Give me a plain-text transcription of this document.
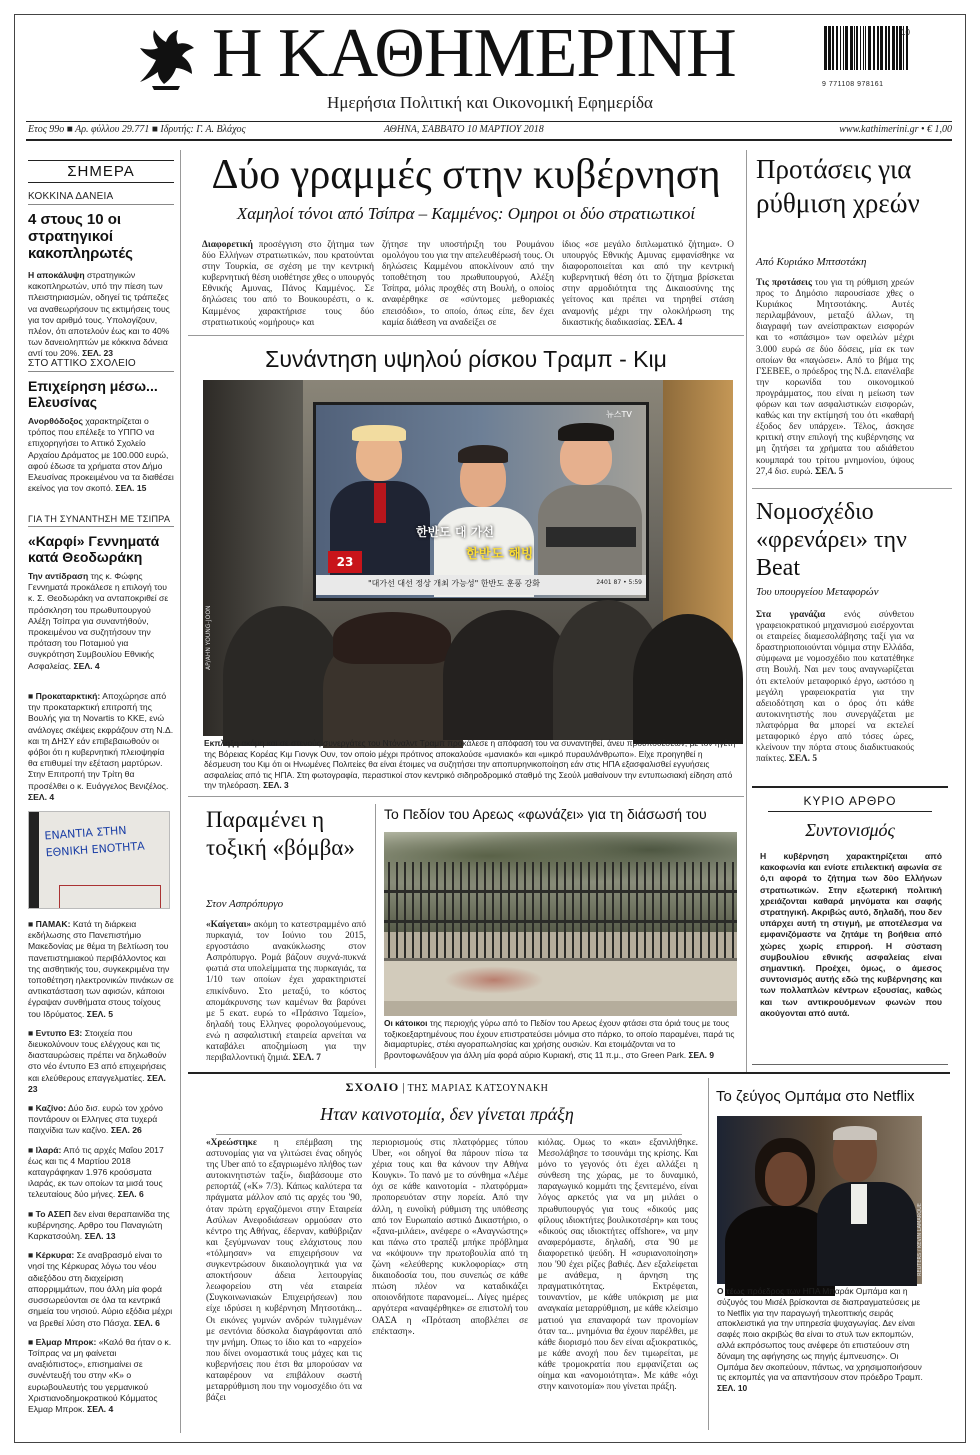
Η ΚΑΘΗΜΕΡΙΝΗ
Ημερήσια Πολιτική και Οικονομική Εφημερίδα
9 771108 978161
10
Ετος 99ο ■ Αρ. φύλλου 29.771 ■ Ιδρυτής: Γ. Α. Βλάχος	ΑΘΗΝΑ, ΣΑΒΒΑΤΟ 10 ΜΑΡΤΙΟΥ 2018	www.kathimerini.gr • € 1,00
ΣΗΜΕΡΑ
ΚΟΚΚΙΝΑ ΔΑΝΕΙΑ
4 στους 10 οι στρατηγικοί κακοπληρωτές
Η αποκάλυψη στρατηγικών κακοπληρωτών, υπό την πίεση των πλειστηριασμών, οδηγεί τις τράπεζες να αναθεωρήσουν τις εκτιμήσεις τους για τον αριθμό τους. Υπολογίζουν, πλέον, ότι αποτελούν έως και το 40% των δανειοληπτών με κόκκινα δάνεια αντί του 20%. ΣΕΛ. 23
ΣΤΟ ΑΤΤΙΚΟ ΣΧΟΛΕΙΟ
Επιχείρηση μέσω... Ελευσίνας
Ανορθόδοξος χαρακτηρίζεται ο τρόπος που επέλεξε το ΥΠΠΟ να επιχορηγήσει το Αττικό Σχολείο Αρχαίου Δράματος με 100.000 ευρώ, αφού έδωσε τα χρήματα στον Δήμο Ελευσίνας προκειμένου να τα διαθέσει εκείνος για τον σκοπό. ΣΕΛ. 15
ΓΙΑ ΤΗ ΣΥΝΑΝΤΗΣΗ ΜΕ ΤΣΙΠΡΑ
«Καρφί» Γεννηματά κατά Θεοδωράκη
Την αντίδραση της κ. Φώφης Γεννηματά προκάλεσε η επιλογή του κ. Σ. Θεοδωράκη να ανταποκριθεί σε πρόσκληση του πρωθυπουργού Αλέξη Τσίπρα για συναντήθούν, προκειμένου να συζητήσουν την πρόταση του Ποταμιού για συγκρότηση Συμβουλίου Εθνικής Ασφαλείας. ΣΕΛ. 4
■ Προκαταρκτική: Αποχώρησε από την προκαταρκτική επιτροπή της Βουλής για τη Novartis το ΚΚΕ, ενώ ανάλογες σκέψεις εκφράζουν στη Ν.Δ. και τη ΔΗΣΥ εάν επιβεβαιωθούν οι φόβοι ότι η κυβερνητική πλειοψηφία θα επιθυμεί την εξέταση μαρτύρων. Στην Επιτροπή την Τρίτη θα προσέλθει ο κ. Ευάγγελος Βενιζέλος. ΣΕΛ. 4
ΕΝΑΝΤΙΑ ΣΤΗΝ
ΕΘΝΙΚΗ ΕΝΟΤΗΤΑ
■ ΠΑΜΑΚ: Κατά τη διάρκεια εκδήλωσης στο Πανεπιστήμιο Μακεδονίας με θέμα τη βελτίωση του πανεπιστημιακού περιβάλλοντος και της αισθητικής του, συγκεκριμένα την τοποθέτηση ηλεκτρονικών πινάκων σε αντικατάσταση των αφισών, κάποιοι έγραψαν συνθήματα στους τοίχους του Ιδρύματος. ΣΕΛ. 5
■ Εντυπο Ε3: Στοιχεία που διευκολύνουν τους ελέγχους και τις διασταυρώσεις πρέπει να δηλωθούν στο νέο έντυπο Ε3 από επιχειρήσεις και ελεύθερους επαγγελματίες. ΣΕΛ. 23
■ Καζίνο: Δύο δισ. ευρώ τον χρόνο ποντάρουν οι Ελληνες στα τυχερά παιχνίδια των καζίνο. ΣΕΛ. 26
■ Ιλαρά: Από τις αρχές Μαΐου 2017 έως και τις 4 Μαρτίου 2018 καταγράφηκαν 1.976 κρούσματα ιλαράς, εκ των οποίων τα μισά τους τελευταίους δύο μήνες. ΣΕΛ. 6
■ Το ΑΣΕΠ δεν είναι θεραπαινίδα της κυβέρνησης. Αρθρο του Παναγιώτη Καρκατσούλη. ΣΕΛ. 13
■ Κέρκυρα: Σε αναβρασμό είναι το νησί της Κέρκυρας λόγω του νέου αδιεξόδου στη διαχείριση απορριμμάτων, που άλλη μία φορά συσσωρεύονται σε όλα τα κεντρικά σημεία του νησιού. Αύριο εξόδια μέχρι να βρεθεί λύση στο Πάσχα. ΣΕΛ. 6
■ Ελμαρ Μπροκ: «Καλό θα ήταν ο κ. Τσίπρας να μη φαίνεται αναξιόπιστος», επισημαίνει σε συνέντευξή του στην «Κ» ο ευρωβουλευτής του γερμανικού Χριστιανοδημοκρατικού Κόμματος Ελμαρ Μπροκ. ΣΕΛ. 4
Δύο γραμμές στην κυβέρνηση
Χαμηλοί τόνοι από Τσίπρα – Καμμένος: Ομηροι οι δύο στρατιωτικοί
Διαφορετική προσέγγιση στο ζήτημα των δύο Ελλήνων στρατιωτικών, που κρατούνται στην Τουρκία, σε σχέση με την κεντρική κυβερνητική θέση υιοθέτησε χθες ο υπουργός Εθνικής Αμυνας, Πάνος Καμμένος. Σε δηλώσεις του από το Βουκουρέστι, ο κ. Καμμένος χαρακτήρισε τους δύο στρατιωτικούς «ομήρους» και
ζήτησε την υποστήριξη του Ρουμάνου ομολόγου του για την απελευθέρωσή τους. Οι δηλώσεις Καμμένου αποκλίνουν από την τοποθέτηση του πρωθυπουργού, Αλέξη Τσίπρα, μόλις προχθές στη Βουλή, ο οποίος αναφέρθηκε σε «σύντομες μεθοριακές επεισόδιο», το οποίο, όπως είπε, δεν έχει καμία διάθεση να αναδείξει σε
ίδιος «σε μεγάλο διπλωματικό ζήτημα». Ο υπουργός Εθνικής Αμυνας εμφανίσθηκε να διαφοροποιείται και από την κεντρική κυβερνητική θέση ότι το ζήτημα βρίσκεται στην αρμοδιότητα της Δικαιοσύνης της γείτονος και πρέπει να τηρηθεί στάση αναμονής μέχρι την ολοκλήρωση της δικαστικής διαδικασίας. ΣΕΛ. 4
Συνάντηση υψηλού ρίσκου Τραμπ - Κιμ
뉴스TV
한반도 대 가선
한반도 해빙
23
"대가선 대선 정상 개최 가능성" 한반도 훈풍 강화	2401 87 • 5:59
AP/AHN YOUNG-JOON
Εκπληξη ακόμη και σε στενούς συνεργάτες του Ντόναλντ Τραμπ προκάλεσε η απόφασή του να συναντηθεί, άνευ προϋποθέσεων, με τον ηγέτη της Βόρειας Κορέας Κιμ Γιονγκ Ουν, τον οποίο μέχρι πρότινος αποκαλούσε «μανιακό» και «μικρό πυραυλάνθρωπο». Είχε προηγηθεί η δέσμευση του Κιμ ότι οι Ηνωμένες Πολιτείες θα είναι έτοιμες να συζητήσει την αποπυρηνικοποίηση εάν στις ΗΠΑ εξασφαλισθεί εγγυήσεις ασφαλείας από τις ΗΠΑ. Στη φωτογραφία, περαστικοί στον κεντρικό σιδηροδρομικό σταθμό της Σεούλ μαθαίνουν την εντυπωσιακή είδηση από την τηλεόραση. ΣΕΛ. 3
Προτάσεις για ρύθμιση χρεών
Από Κυριάκο Μπτσοτάκη
Τις προτάσεις του για τη ρύθμιση χρεών προς το Δημόσιο παρουσίασε χθες ο Κυριάκος Μητσοτάκης. Αυτές περιλαμβάνουν, μεταξύ άλλων, τη διαγραφή των ανείσπρακτων εισφορών και το «σπάσιμο» των οφειλών μέχρι 3.000 ευρώ σε δύο δόσεις, μία εκ των οποίων θα «παγώσει». Από το βήμα της ΓΣΕΒΕΕ, ο πρόεδρος της Ν.Δ. επανέλαβε την κορωνίδα του οικονομικού προγράμματος, που είναι η μείωση των φόρων και των ασφαλιστικών εισφορών, καθώς και την εκτίμησή του ότι «καθαρή έξοδος δεν υπάρχει». Τέλος, άσκησε κριτική στην επιλογή της κυβέρνησης να μη ζητήσει τα χρήματα του αδιάθετου κουμπαρά του τρίτου μνημονίου, ύψους 27,4 δισ. ευρώ. ΣΕΛ. 5
Νομοσχέδιο «φρενάρει» την Beat
Του υπουργείου Μεταφορών
Στα γρανάζια ενός σύνθετου γραφειοκρατικού μηχανισμού εισέρχονται οι εταιρείες διαμεσολάβησης ταξί για να δραστηριοποιούνται νόμιμα στην Ελλάδα, σύμφωνα με νομοσχέδιο που κατατέθηκε στη Βουλή. Ναι μεν τους αναγνωρίζεται ότι εκτελούν μεταφορικό έργο, ωστόσο η μεγάλη γραφειοκρατία για την αδειοδότηση και ο όρος ότι κάθε αυτοκινητιστής που συνεργάζεται με πλατφόρμα θα μπορεί να εκτελεί μεταφορικό έργο από τόσες ώρες, κλείνουν την πόρτα στους διαδικτυακούς παίκτες. ΣΕΛ. 5
ΚΥΡΙΟ ΑΡΘΡΟ
Συντονισμός
Η κυβέρνηση χαρακτηρίζεται από κακοφωνία και ενίοτε επιλεκτική αφωνία σε ό,τι αφορά το ζήτημα των δύο Ελλήνων στρατιωτικών. Στην εξωτερική πολιτική χρειάζονται καθαρά μηνύματα και σαφής στρατηγική. Ακριβώς αυτό, δηλαδή, που δεν υπάρχει αυτή τη στιγμή, με αποτέλεσμα να εμφανιζόμαστε να ζητάμε τη βοήθεια από χώρες χωρίς επιρροή. Η σύσταση συμβουλίου εθνικής ασφαλείας είναι σημαντική. Προέχει, όμως, ο άμεσος συντονισμός αυτής εδώ της κυβέρνησης και των πολλαπλών κέντρων εξουσίας, καθώς και των αντικρουόμενων φωνών που ακούγονται από αυτά.
Παραμένει η τοξική «βόμβα»
Στον Ασπρόπυργο
«Καίγεται» ακόμη το κατεστραμμένο από πυρκαγιά, τον Ιούνιο του 2015, εργοστάσιο ανακύκλωσης στον Ασπρόπυργο. Ρομά βάζουν συχνά-πυκνά φωτιά στα υπολείμματα της πυρκαγιάς, τα 1/10 των οποίων έχει χαρακτηριστεί επικίνδυνο. Στο μεταξύ, το κόστος απομάκρυνσης των καμένων θα βαρύνει με 5 εκατ. ευρώ το «Πράσινο Ταμείο», δηλαδή τους Ελληνες φορολογούμενους, ενώ η ασφαλιστική εταιρεία αρνείται να καταβάλει αποζημίωση για την περιβαλλοντική ζημιά. ΣΕΛ. 7
Το Πεδίον του Αρεως «φωνάζει» για τη διάσωσή του
Οι κάτοικοι της περιοχής γύρω από το Πεδίον του Αρεως έχουν φτάσει στα όριά τους με τους τοξικοεξαρτημένους που έχουν επιστρατεύσει μόνιμα στο πάρκο, το οποίο παραμένει, παρά τις διαμαρτυρίες, στέκι αγοραπωλησίας και χρήσης ουσιών. Και ετοιμάζονται να το βροντοφωνάξουν για άλλη μία φορά αύριο Κυριακή, στις 11 π.μ., στο Green Park. ΣΕΛ. 9
ΣΧΟΛΙΟ | ΤΗΣ ΜΑΡΙΑΣ ΚΑΤΣΟΥΝΑΚΗ
Ηταν καινοτομία, δεν γίνεται πράξη
«Χρεώστηκε η επέμβαση της αστυνομίας για να γλιτώσει ένας οδηγός της Uber από το εξαγριωμένο πλήθος των αυτοκινητιστών ταξί», διαβάσουμε στο ρεπορτάζ («Κ» 7/3). Κάπως καλύτερα τα πράγματα μάλλον από τις αρχές του '90, όταν πρώτη εργαζόμενοι στην Εταιρεία Ασύλων Ανεφοδιάσεων ορμούσαν στο κέντρο της Αθήνας, έδερναν, καθύβριζαν και ξεγύμνωναν τους ελάχιστους που «τόλμησαν» να επιχειρήσουν να συγκεντρώσουν δικαιολογητικά για να αποκτήσουν άδεια λειτουργίας λεωφορείου στη νέα εταιρεία (Συγκοινωνιακών Επιχειρήσεων) που είχε ιδρύσει η κυβέρνηση Μητσοτάκη... Οι εικόνες γυμνών ανδρών τυλιγμένων με σεντόνια δύσκολα διαγράφονται από την μνήμη. Οπως το ίδιο και το «αρχείο» που δίνει ονομαστικά τους μάχες και τις κυβερνήσεις που έτσι θα μπορούσαν να καταφέρουν να επιβάλουν σωστή μεταρρύθμιση που την νομοσχέδιο ότι να βάζει
περιορισμούς στις πλατφόρμες τύπου Uber, «οι οδηγοί θα πάρουν πίσω τα χέρια τους και θα κάνουν την Αθήνα Κουγκι». Το πανό με το σύνθημα «Λέμε όχι σε κάθε καινοτομία - πλατφόρμα» προπορευόταν στην πορεία. Από την άλλη, η ευνοϊκή ρύθμιση της υπόθεσης από τον Ευρωπαίο αστικό Δικαστήριο, ο «ξανα-μιλάει», ανέφερε ο «Αναγνώστης» και πάνω στο τραπέζι μπήκε πρόβλημα να «κόψουν» την πρωτοβουλία από τη ζώνη «ελεύθερης κυκλοφορίας» στη δικαιοδοσία του, που συνεπώς σε κάθε πτώση πλέον να καταδικάζει οποιονδήποτε παρανομεί... Λίγες ημέρες αργότερα «αναφέρθηκε» σε επιστολή του ΟΑΣΑ η «Πρόταση αποβλέπει σε επέκταση».
κιόλας. Ομως το «και» εξανιλήθηκε. Μεσολάβησε το τσουνάμι της κρίσης. Και μόνο το γεγονός ότι έχει αλλάξει η σύνθεση της χώρας, με το δυναμικό, παραγωγικό κομμάτι της ξενιτεμένο, είναι λόγος αρκετός για να μη μιλάει ο πρωθυπουργός για τους «δικούς μας φίλους ιδιοκτήτες βουλικοτσέρη» και τους «δικούς σας ιδιοκτήτες offshore», να μην αναφερόμαστε, δηλαδή, στα '90 με διαφορετικό ψεύδη. Η «συριανοποίηση» που '90 έχει ρίζες βαθιές. Δεν εξαλείφεται με ανάθεμα, η άρνηση της πραγματικότητας. Εκτρέφεται, τουναντίον, με κάθε υπόκριση με μια αναγκαία μεταρρύθμιση, με κάθε κλείσιμο ματιού για επαναφορά των προνομίων όταν τα... μνημόνια θα έχουν παρέλθει, με κάθε διορισμό που δεν είναι αξιοκρατικός, με κάθε ανοχή που δεν τιμωρείται, με κάθε τρομοκρατία που εμφανίζεται ως οίημα και «ανομοιότητα». Με κάθε «όχι στην καινοτομία» που γίνεται πράξη.
Το ζεύγος Ομπάμα στο Netflix
REUTERS / KEVIN LAMARQUE
Ο τέως πρόεδρος των ΗΠΑ Μπαράκ Ομπάμα και η σύζυγός του Μισέλ βρίσκονται σε διαπραγματεύσεις με το Netflix για την παραγωγή τηλεοπτικής σειράς αποκλειστικά για την υπηρεσία ψυχαγωγίας. Δεν είναι σαφές ποιο ακριβώς θα είναι το στυλ των εκπομπών, αλλά εκπρόσωπος τους ανέφερε ότι επιστεύουν στη δύναμη της αφήγησης ως πηγής έμπνευσης». Οι Ομπάμα δεν σκοπεύουν, πάντως, να χρησιμοποιήσουν τις εκπομπές για να απαντήσουν στον πρόεδρο Τραμπ. ΣΕΛ. 10
